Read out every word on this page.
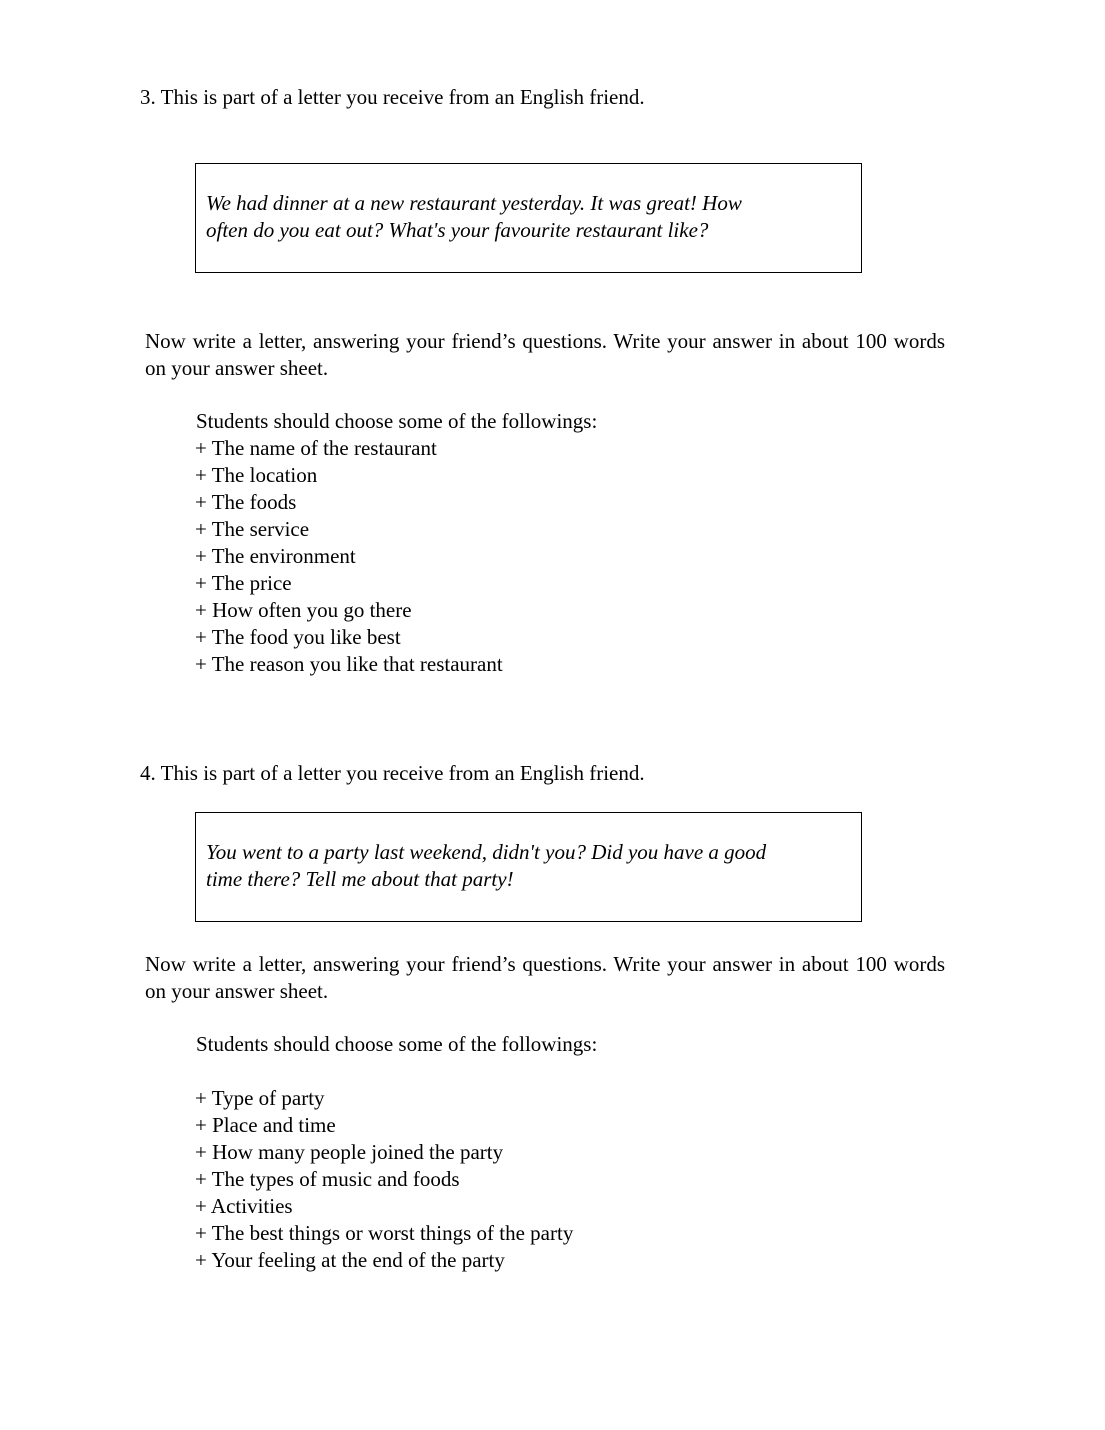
3. This is part of a letter you receive from an English friend.
We had dinner at a new restaurant yesterday. It was great! How
often do you eat out? What's your favourite restaurant like?
Now write a letter, answering your friend’s questions. Write your answer in about 100 words on your answer sheet.
Students should choose some of the followings:
+ The name of the restaurant
+ The location
+ The foods
+ The service
+ The environment
+ The price
+ How often you go there
+ The food you like best
+ The reason you like that restaurant
4. This is part of a letter you receive from an English friend.
You went to a party last weekend, didn't you? Did you have a good
time there? Tell me about that party!
Now write a letter, answering your friend’s questions. Write your answer in about 100 words on your answer sheet.
Students should choose some of the followings:
+ Type of party
+ Place and time
+ How many people joined the party
+ The types of music and foods
+ Activities
+ The best things or worst things of the party
+ Your feeling at the end of the party
